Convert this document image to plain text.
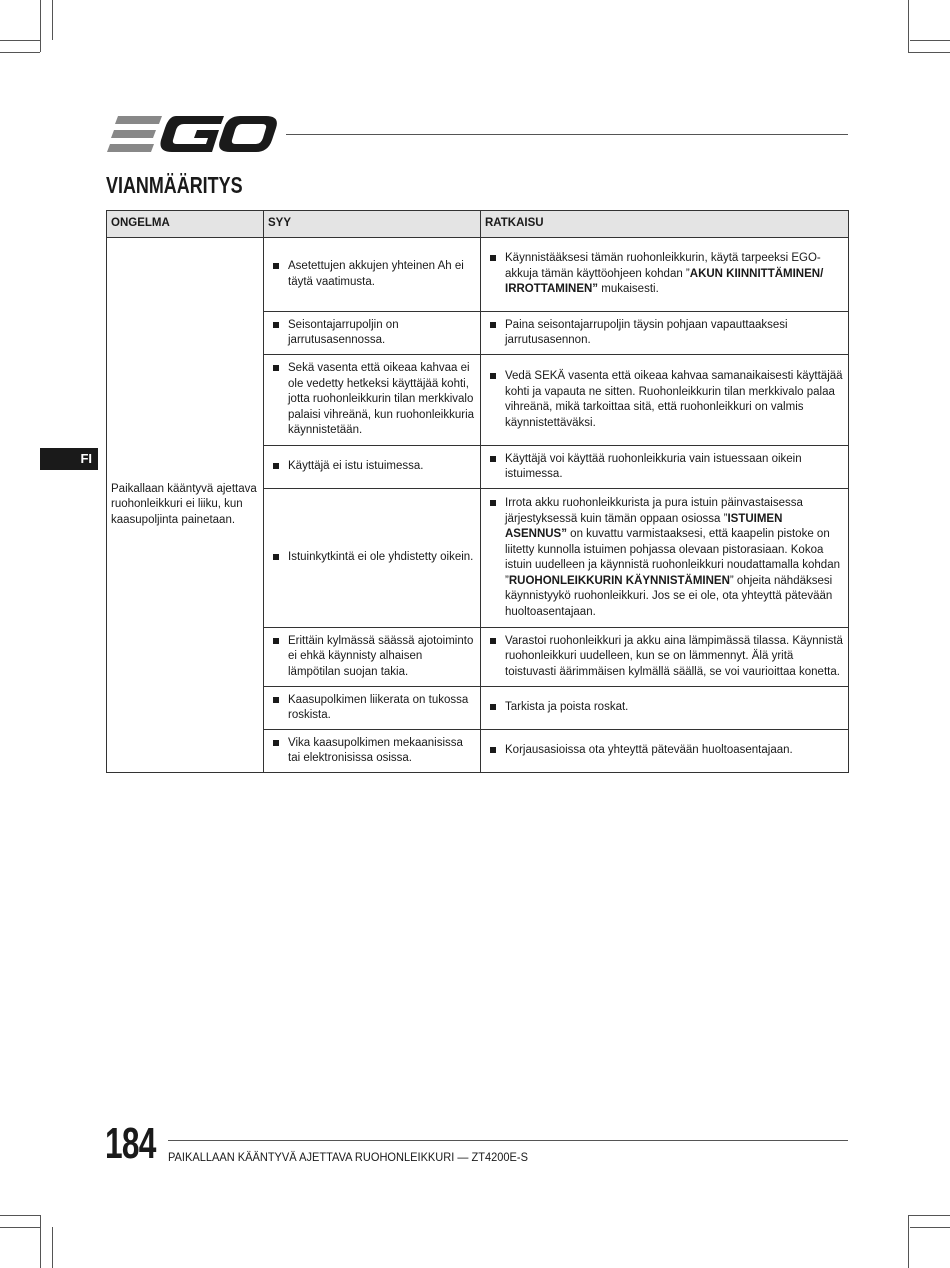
VIANMÄÄRITYS
FI
ONGELMA	SYY	RATKAISU
Paikallaan kääntyvä ajettava ruohonleikkuri ei liiku, kun kaasupoljinta painetaan.	Asetettujen akkujen yhteinen Ah ei täytä vaatimusta.	Käynnistääksesi tämän ruohonleikkurin, käytä tarpeeksi EGO-akkuja tämän käyttöohjeen kohdan ”AKUN KIINNITTÄMINEN/ IRROTTAMINEN” mukaisesti.

	Seisontajarrupoljin on jarrutusasennossa.	Paina seisontajarrupoljin täysin pohjaan vapauttaaksesi jarrutusasennon.

	Sekä vasenta että oikeaa kahvaa ei ole vedetty hetkeksi käyttäjää kohti, jotta ruohonleikkurin tilan merkkivalo palaisi vihreänä, kun ruohonleikkuria käynnistetään.	Vedä SEKÄ vasenta että oikeaa kahvaa samanaikaisesti käyttäjää kohti ja vapauta ne sitten. Ruohonleikkurin tilan merkkivalo palaa vihreänä, mikä tarkoittaa sitä, että ruohonleikkuri on valmis käynnistettäväksi.

	Käyttäjä ei istu istuimessa.	Käyttäjä voi käyttää ruohonleikkuria vain istuessaan oikein istuimessa.

	Istuinkytkintä ei ole yhdistetty oikein.	Irrota akku ruohonleikkurista ja pura istuin päinvastaisessa järjestyksessä kuin tämän oppaan osiossa ”ISTUIMEN ASENNUS” on kuvattu varmistaaksesi, että kaapelin pistoke on liitetty kunnolla istuimen pohjassa olevaan pistorasiaan. Kokoa istuin uudelleen ja käynnistä ruohonleikkuri noudattamalla kohdan ”RUOHONLEIKKURIN KÄYNNISTÄMINEN” ohjeita nähdäksesi käynnistyykö ruohonleikkuri. Jos se ei ole, ota yhteyttä pätevään huoltoasentajaan.

	Erittäin kylmässä säässä ajotoiminto ei ehkä käynnisty alhaisen lämpötilan suojan takia.	Varastoi ruohonleikkuri ja akku aina lämpimässä tilassa. Käynnistä ruohonleikkuri uudelleen, kun se on lämmennyt. Älä yritä toistuvasti äärimmäisen kylmällä säällä, se voi vaurioittaa konetta.

	Kaasupolkimen liikerata on tukossa roskista.	Tarkista ja poista roskat.

	Vika kaasupolkimen mekaanisissa tai elektronisissa osissa.	Korjausasioissa ota yhteyttä pätevään huoltoasentajaan.
184 PAIKALLAAN KÄÄNTYVÄ AJETTAVA RUOHONLEIKKURI — ZT4200E-S
